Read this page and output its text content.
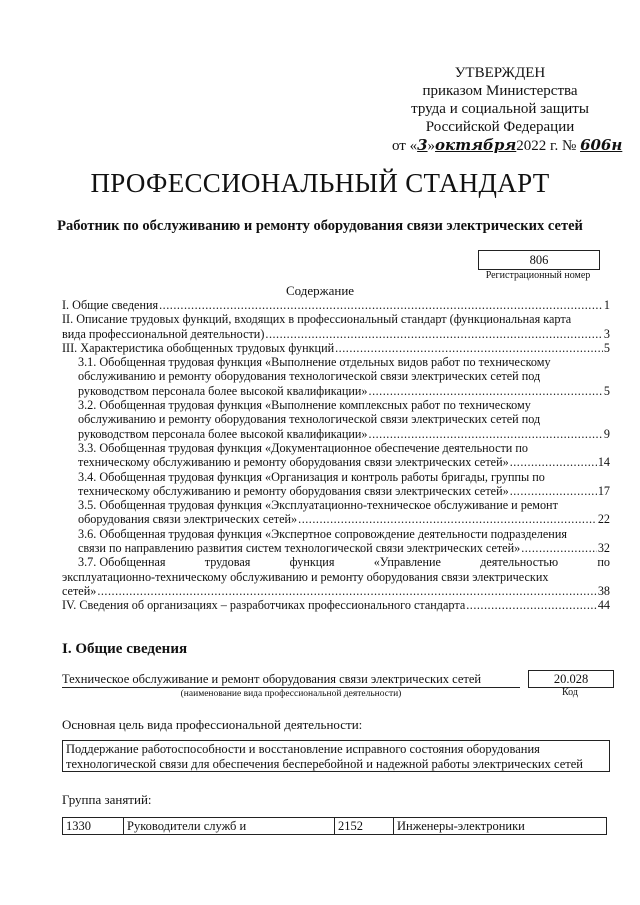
УТВЕРЖДЕН
приказом Министерства
труда и социальной защиты
Российской Федерации
от «3»октября2022 г. № 606н
ПРОФЕССИОНАЛЬНЫЙ СТАНДАРТ
Работник по обслуживанию и ремонту оборудования связи электрических сетей
806
Регистрационный номер
Содержание
I. Общие сведения .....	1
II. Описание трудовых функций, входящих в профессиональный стандарт (функциональная карта
вида профессиональной деятельности) .....	3
III. Характеристика обобщенных трудовых функций .....	5
3.1. Обобщенная трудовая функция «Выполнение отдельных видов работ по техническому
обслуживанию и ремонту оборудования технологической связи электрических сетей под
руководством персонала более высокой квалификации» .....	5
3.2. Обобщенная трудовая функция «Выполнение комплексных работ по техническому
обслуживанию и ремонту оборудования технологической связи электрических сетей под
руководством персонала более высокой квалификации» .....	9
3.3. Обобщенная трудовая функция «Документационное обеспечение деятельности по
техническому обслуживанию и ремонту оборудования связи электрических сетей» .....	14
3.4. Обобщенная трудовая функция «Организация и контроль работы бригады, группы по
техническому обслуживанию и ремонту оборудования связи электрических сетей» .....	17
3.5. Обобщенная трудовая функция «Эксплуатационно-техническое обслуживание и ремонт
оборудования связи электрических сетей» .....	22
3.6. Обобщенная трудовая функция «Экспертное сопровождение деятельности подразделения
связи по направлению развития систем технологической связи электрических сетей» .....	32
3.7. Обобщенная	трудовая	функция	«Управление	деятельностью	по
эксплуатационно-техническому обслуживанию и ремонту оборудования связи электрических
сетей» .....	38
IV. Сведения об организациях – разработчиках профессионального стандарта .....	44
I. Общие сведения
Техническое обслуживание и ремонт оборудования связи электрических сетей	20.028
(наименование вида профессиональной деятельности)	Код
Основная цель вида профессиональной деятельности:
Поддержание работоспособности и восстановление исправного состояния оборудования
технологической связи для обеспечения бесперебойной и надежной работы электрических сетей
Группа занятий:
1330	Руководители служб и	2152	Инженеры-электроники
